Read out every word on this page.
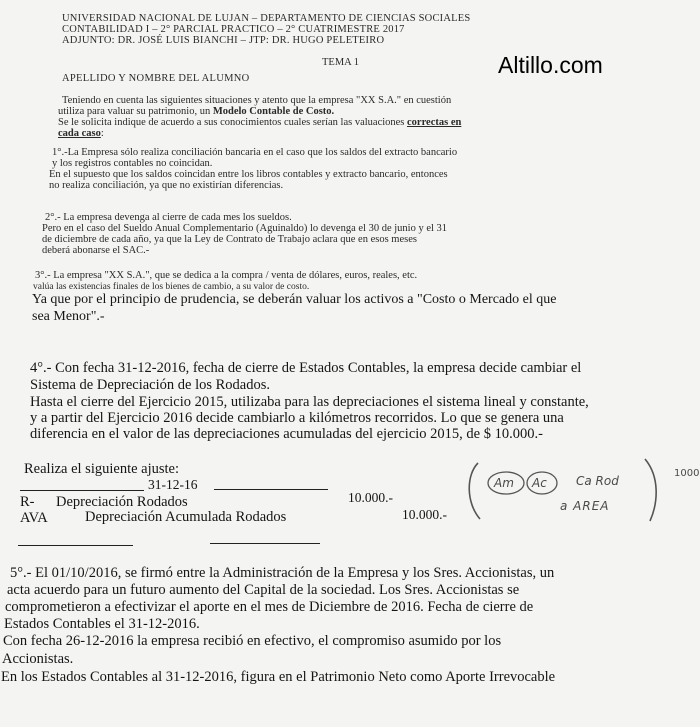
UNIVERSIDAD NACIONAL DE LUJAN – DEPARTAMENTO DE CIENCIAS SOCIALES
CONTABILIDAD I – 2° PARCIAL PRACTICO – 2° CUATRIMESTRE 2017
ADJUNTO: DR. JOSÉ LUIS BIANCHI – JTP: DR. HUGO PELETEIRO
Altillo.com
TEMA 1
APELLIDO Y NOMBRE DEL ALUMNO
Teniendo en cuenta las siguientes situaciones y atento que la empresa "XX S.A." en cuestión
utiliza para valuar su patrimonio, un Modelo Contable de Costo.
Se le solicita indique de acuerdo a sus conocimientos cuales serían las valuaciones correctas en
cada caso:
1°.-La Empresa sólo realiza conciliación bancaria en el caso que los saldos del extracto bancario
y los registros contables no coincidan.
En el supuesto que los saldos coincidan entre los libros contables y extracto bancario, entonces
no realiza conciliación, ya que no existirían diferencias.
2°.- La empresa devenga al cierre de cada mes los sueldos.
Pero en el caso del Sueldo Anual Complementario (Aguinaldo) lo devenga el 30 de junio y el 31
de diciembre de cada año, ya que la Ley de Contrato de Trabajo aclara que en esos meses
deberá abonarse el SAC.-
3°.- La empresa "XX S.A.", que se dedica a la compra / venta de dólares, euros, reales, etc.
valúa las existencias finales de los bienes de cambio, a su valor de costo.
Ya que por el principio de prudencia, se deberán valuar los activos a "Costo o Mercado el que
sea Menor".-
4°.- Con fecha 31-12-2016, fecha de cierre de Estados Contables, la empresa decide cambiar el
Sistema de Depreciación de los Rodados.
Hasta el cierre del Ejercicio 2015, utilizaba para las depreciaciones el sistema lineal y constante,
y a partir del Ejercicio 2016 decide cambiarlo a kilómetros recorridos. Lo que se genera una
diferencia en el valor de las depreciaciones acumuladas del ejercicio 2015, de $ 10.000.-
Realiza el siguiente ajuste:
31-12-16
R- Depreciación Rodados	10.000.-
AVA	Depreciación Acumulada Rodados	10.000.-
Am Ac Ca Rod
a AREA
1000
5°.- El 01/10/2016, se firmó entre la Administración de la Empresa y los Sres. Accionistas, un
acta acuerdo para un futuro aumento del Capital de la sociedad. Los Sres. Accionistas se
comprometieron a efectivizar el aporte en el mes de Diciembre de 2016. Fecha de cierre de
Estados Contables el 31-12-2016.
Con fecha 26-12-2016 la empresa recibió en efectivo, el compromiso asumido por los
Accionistas.
En los Estados Contables al 31-12-2016, figura en el Patrimonio Neto como Aporte Irrevocable
